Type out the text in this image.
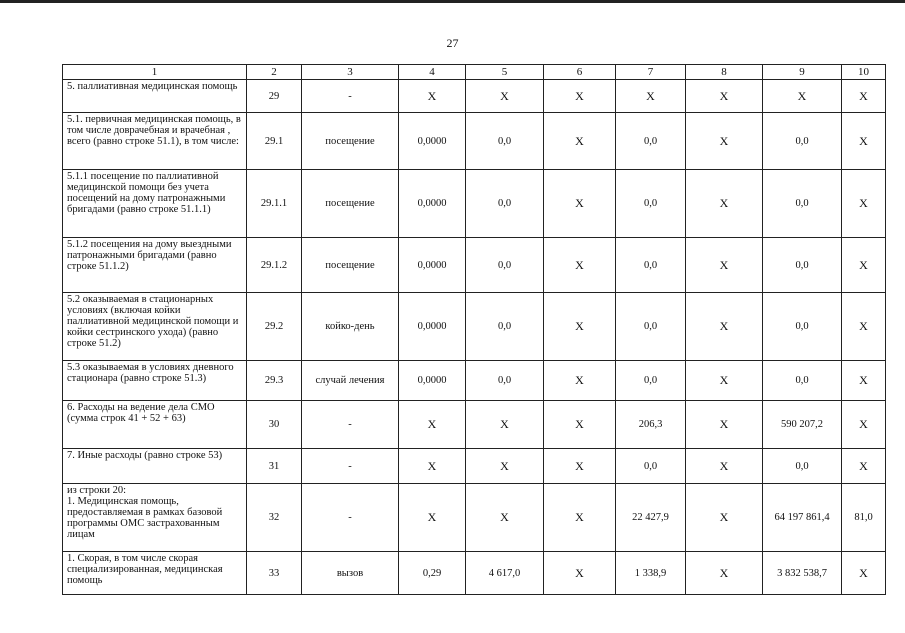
27
1	2	3	4	5	6	7	8	9	10
5. паллиативная медицинская помощь	29	-	X	X	X	X	X	X	X
5.1. первичная медицинская помощь, в том числе доврачебная и врачебная , всего (равно строке 51.1), в том числе:	29.1	посещение	0,0000	0,0	X	0,0	X	0,0	X
5.1.1 посещение по паллиативной медицинской помощи без учета посещений на дому патронажными бригадами (равно строке 51.1.1)	29.1.1	посещение	0,0000	0,0	X	0,0	X	0,0	X
5.1.2 посещения на дому выездными патронажными бригадами (равно строке 51.1.2)	29.1.2	посещение	0,0000	0,0	X	0,0	X	0,0	X
5.2 оказываемая в стационарных условиях (включая койки паллиативной медицинской помощи и койки сестринского ухода) (равно строке 51.2)	29.2	койко-день	0,0000	0,0	X	0,0	X	0,0	X
5.3 оказываемая в условиях дневного стационара (равно строке 51.3)	29.3	случай лечения	0,0000	0,0	X	0,0	X	0,0	X
6. Расходы на ведение дела СМО (сумма строк 41 + 52 + 63)	30	-	X	X	X	206,3	X	590 207,2	X
7. Иные расходы (равно строке 53)	31	-	X	X	X	0,0	X	0,0	X
из строки 20:
1. Медицинская помощь, предоставляемая в рамках базовой программы ОМС застрахованным лицам	32	-	X	X	X	22 427,9	X	64 197 861,4	81,0
1. Скорая, в том числе скорая специализированная, медицинская помощь	33	вызов	0,29	4 617,0	X	1 338,9	X	3 832 538,7	X
